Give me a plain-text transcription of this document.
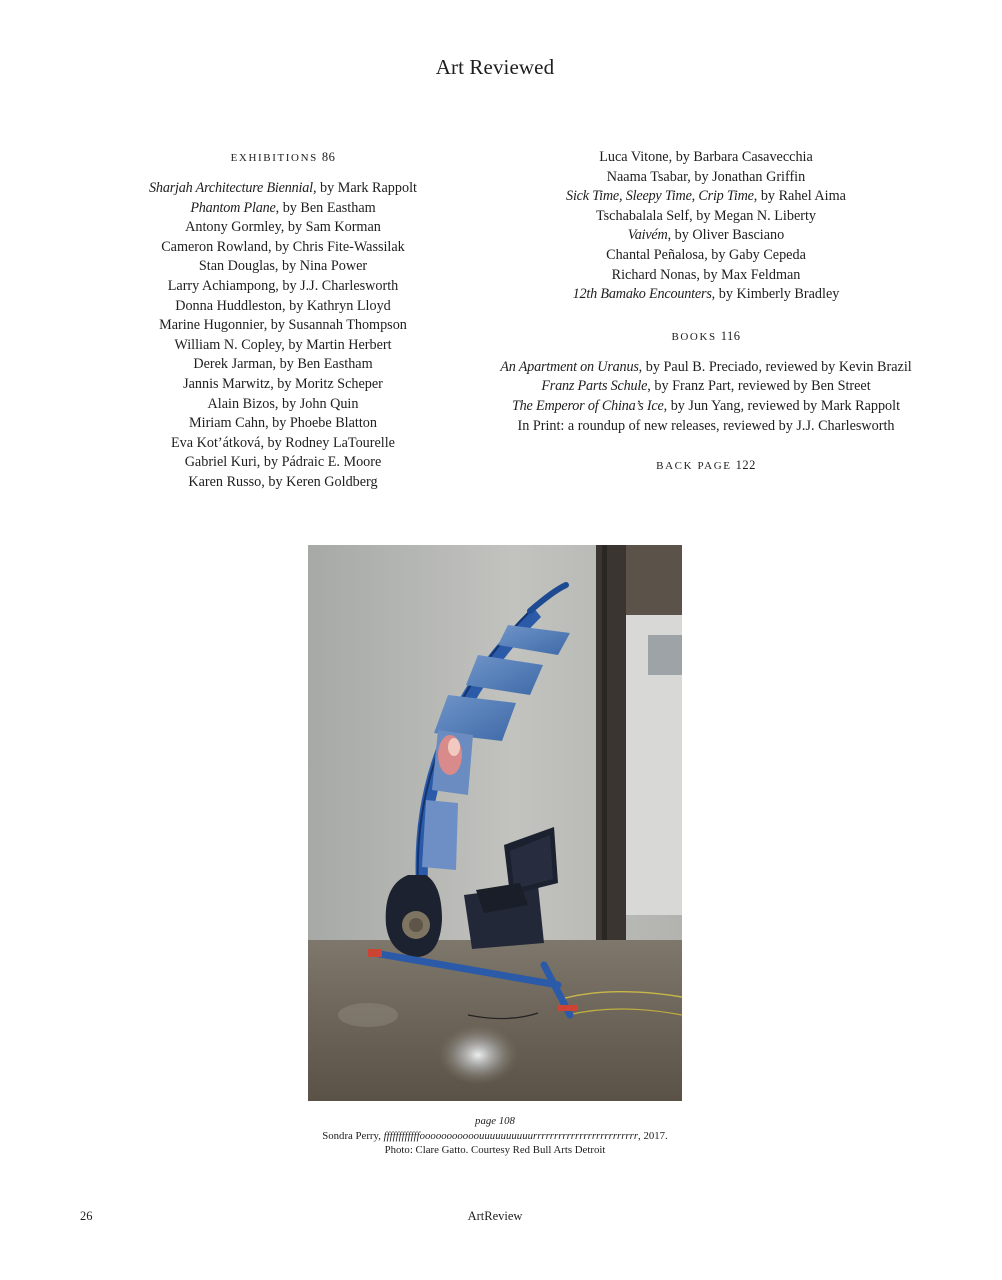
Art Reviewed
EXHIBITIONS 86
Sharjah Architecture Biennial, by Mark Rappolt
Phantom Plane, by Ben Eastham
Antony Gormley, by Sam Korman
Cameron Rowland, by Chris Fite-Wassilak
Stan Douglas, by Nina Power
Larry Achiampong, by J.J. Charlesworth
Donna Huddleston, by Kathryn Lloyd
Marine Hugonnier, by Susannah Thompson
William N. Copley, by Martin Herbert
Derek Jarman, by Ben Eastham
Jannis Marwitz, by Moritz Scheper
Alain Bizos, by John Quin
Miriam Cahn, by Phoebe Blatton
Eva Kot’átková, by Rodney LaTourelle
Gabriel Kuri, by Pádraic E. Moore
Karen Russo, by Keren Goldberg
Luca Vitone, by Barbara Casavecchia
Naama Tsabar, by Jonathan Griffin
Sick Time, Sleepy Time, Crip Time, by Rahel Aima
Tschabalala Self, by Megan N. Liberty
Vaivém, by Oliver Basciano
Chantal Peñalosa, by Gaby Cepeda
Richard Nonas, by Max Feldman
12th Bamako Encounters, by Kimberly Bradley
BOOKS 116
An Apartment on Uranus, by Paul B. Preciado, reviewed by Kevin Brazil
Franz Parts Schule, by Franz Part, reviewed by Ben Street
The Emperor of China’s Ice, by Jun Yang, reviewed by Mark Rappolt
In Print: a roundup of new releases, reviewed by J.J. Charlesworth
BACK PAGE 122
page 108
Sondra Perry, ffffffffffffooooooooooouuuuuuuuuurrrrrrrrrrrrrrrrrrrrrrrrr, 2017.
Photo: Clare Gatto. Courtesy Red Bull Arts Detroit
26	ArtReview
